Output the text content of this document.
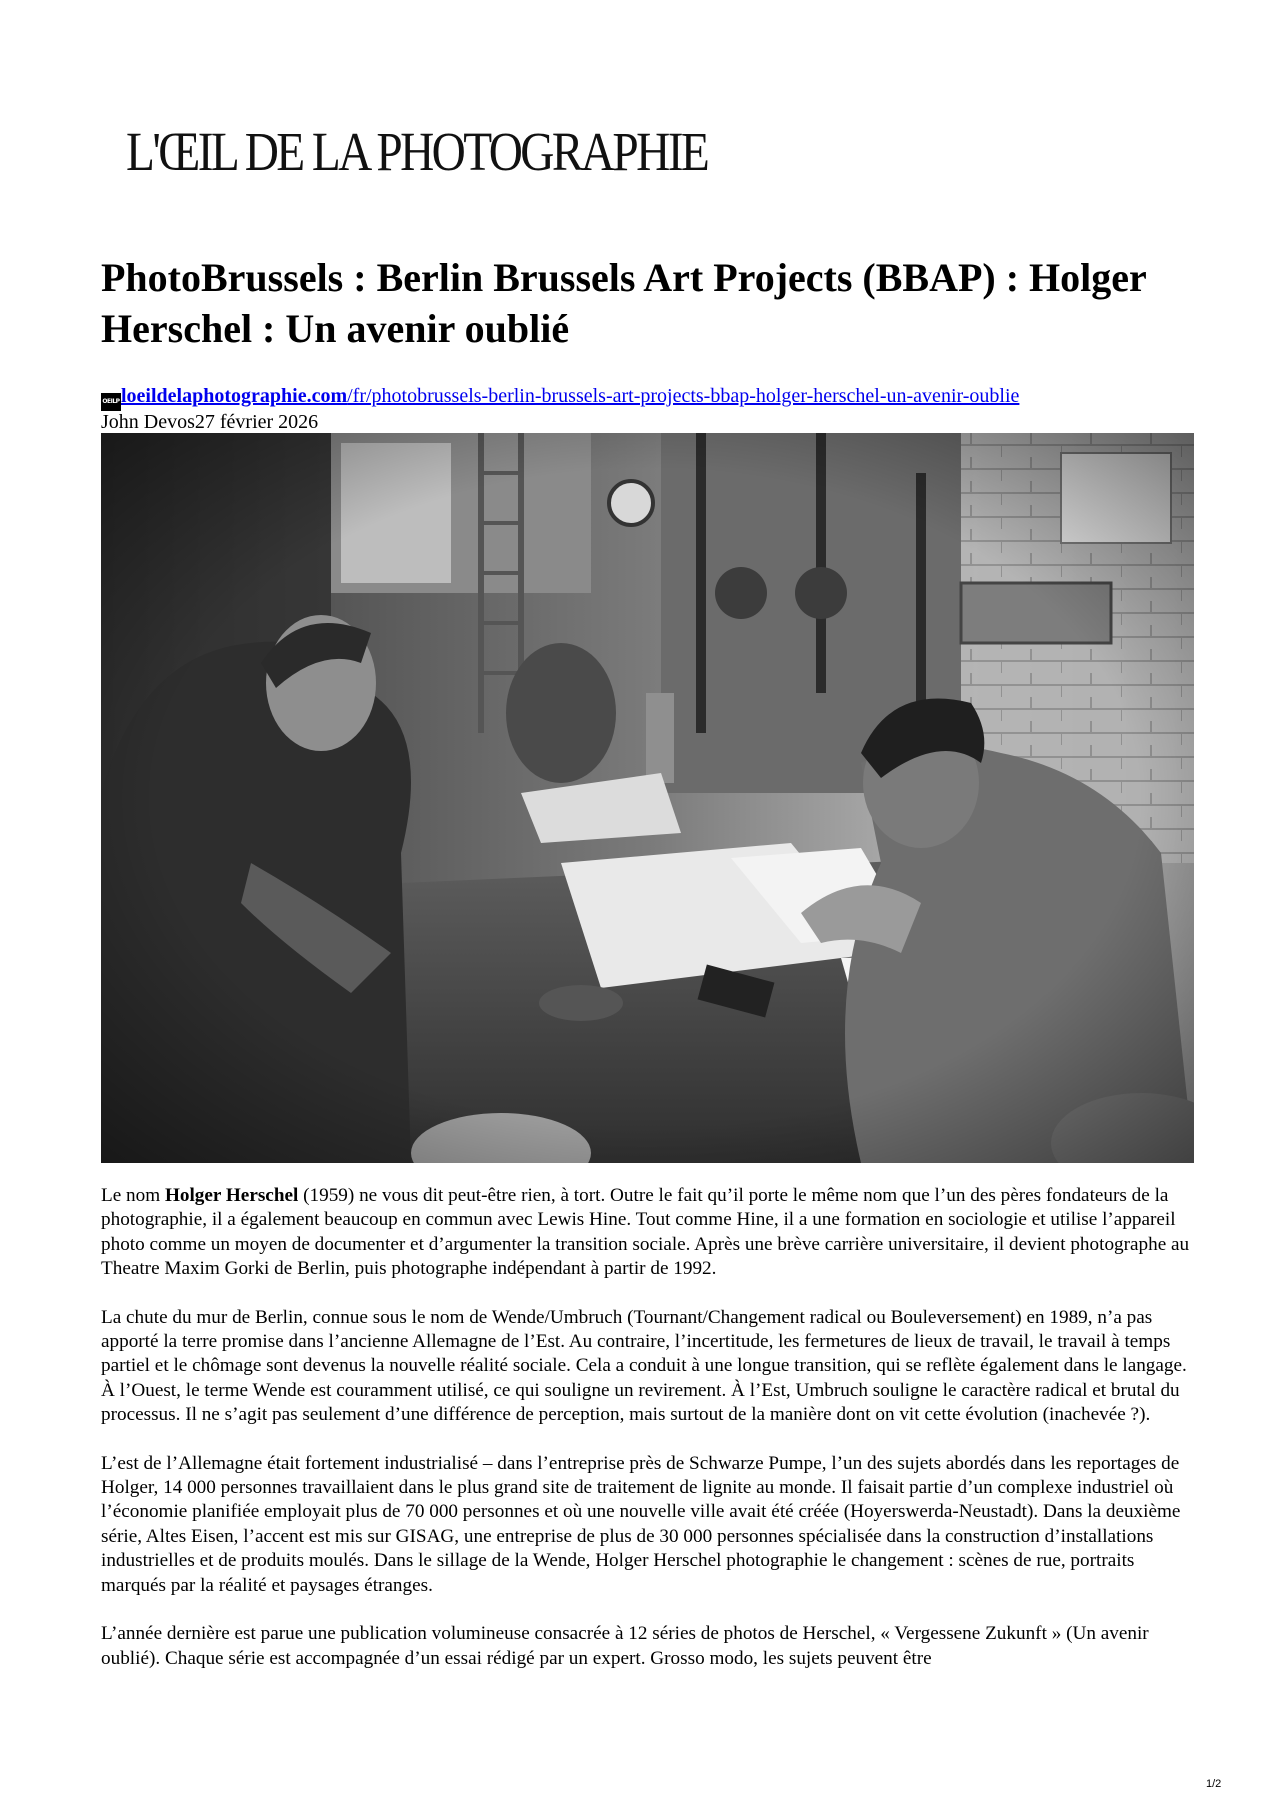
L'ŒIL DE LA PHOTOGRAPHIE
PhotoBrussels : Berlin Brussels Art Projects (BBAP) : Holger Herschel : Un avenir oublié
OEILPloeildelaphotographie.com/fr/photobrussels-berlin-brussels-art-projects-bbap-holger-herschel-un-avenir-oublie
John Devos27 février 2026

Le nom Holger Herschel (1959) ne vous dit peut-être rien, à tort. Outre le fait qu’il porte le même nom que l’un des pères fondateurs de la photographie, il a également beaucoup en commun avec Lewis Hine. Tout comme Hine, il a une formation en sociologie et utilise l’appareil photo comme un moyen de documenter et d’argumenter la transition sociale. Après une brève carrière universitaire, il devient photographe au Theatre Maxim Gorki de Berlin, puis photographe indépendant à partir de 1992.

La chute du mur de Berlin, connue sous le nom de Wende/Umbruch (Tournant/Changement radical ou Bouleversement) en 1989, n’a pas apporté la terre promise dans l’ancienne Allemagne de l’Est. Au contraire, l’incertitude, les fermetures de lieux de travail, le travail à temps partiel et le chômage sont devenus la nouvelle réalité sociale. Cela a conduit à une longue transition, qui se reflète également dans le langage. À l’Ouest, le terme Wende est couramment utilisé, ce qui souligne un revirement. À l’Est, Umbruch souligne le caractère radical et brutal du processus. Il ne s’agit pas seulement d’une différence de perception, mais surtout de la manière dont on vit cette évolution (inachevée ?).

L’est de l’Allemagne était fortement industrialisé – dans l’entreprise près de Schwarze Pumpe, l’un des sujets abordés dans les reportages de Holger, 14 000 personnes travaillaient dans le plus grand site de traitement de lignite au monde. Il faisait partie d’un complexe industriel où l’économie planifiée employait plus de 70 000 personnes et où une nouvelle ville avait été créée (Hoyerswerda-Neustadt). Dans la deuxième série, Altes Eisen, l’accent est mis sur GISAG, une entreprise de plus de 30 000 personnes spécialisée dans la construction d’installations industrielles et de produits moulés. Dans le sillage de la Wende, Holger Herschel photographie le changement : scènes de rue, portraits marqués par la réalité et paysages étranges.

L’année dernière est parue une publication volumineuse consacrée à 12 séries de photos de Herschel, « Vergessene Zukunft » (Un avenir oublié). Chaque série est accompagnée d’un essai rédigé par un expert. Grosso modo, les sujets peuvent être

1/2
